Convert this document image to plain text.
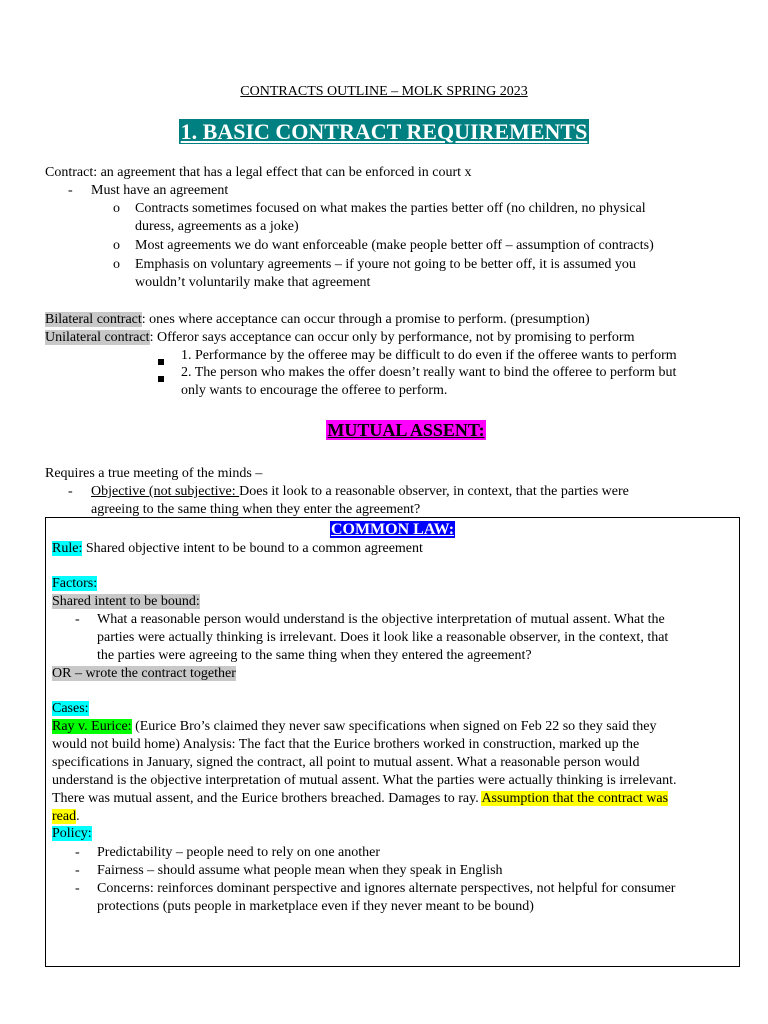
CONTRACTS OUTLINE – MOLK SPRING 2023
1. BASIC CONTRACT REQUIREMENTS
Contract: an agreement that has a legal effect that can be enforced in court x
- Must have an agreement
o Contracts sometimes focused on what makes the parties better off (no children, no physical
duress, agreements as a joke)
o Most agreements we do want enforceable (make people better off – assumption of contracts)
o Emphasis on voluntary agreements – if youre not going to be better off, it is assumed you
wouldn’t voluntarily make that agreement
Bilateral contract: ones where acceptance can occur through a promise to perform. (presumption)
Unilateral contract: Offeror says acceptance can occur only by performance, not by promising to perform
1. Performance by the offeree may be difficult to do even if the offeree wants to perform
2. The person who makes the offer doesn’t really want to bind the offeree to perform but
only wants to encourage the offeree to perform.
MUTUAL ASSENT:
Requires a true meeting of the minds –
- Objective (not subjective: Does it look to a reasonable observer, in context, that the parties were
agreeing to the same thing when they enter the agreement?
COMMON LAW:
Rule: Shared objective intent to be bound to a common agreement
Factors:
Shared intent to be bound:
- What a reasonable person would understand is the objective interpretation of mutual assent. What the
parties were actually thinking is irrelevant. Does it look like a reasonable observer, in the context, that
the parties were agreeing to the same thing when they entered the agreement?
OR – wrote the contract together
Cases:
Ray v. Eurice: (Eurice Bro’s claimed they never saw specifications when signed on Feb 22 so they said they
would not build home) Analysis: The fact that the Eurice brothers worked in construction, marked up the
specifications in January, signed the contract, all point to mutual assent. What a reasonable person would
understand is the objective interpretation of mutual assent. What the parties were actually thinking is irrelevant.
There was mutual assent, and the Eurice brothers breached. Damages to ray. Assumption that the contract was
read.
Policy:
- Predictability – people need to rely on one another
- Fairness – should assume what people mean when they speak in English
- Concerns: reinforces dominant perspective and ignores alternate perspectives, not helpful for consumer
protections (puts people in marketplace even if they never meant to be bound)
